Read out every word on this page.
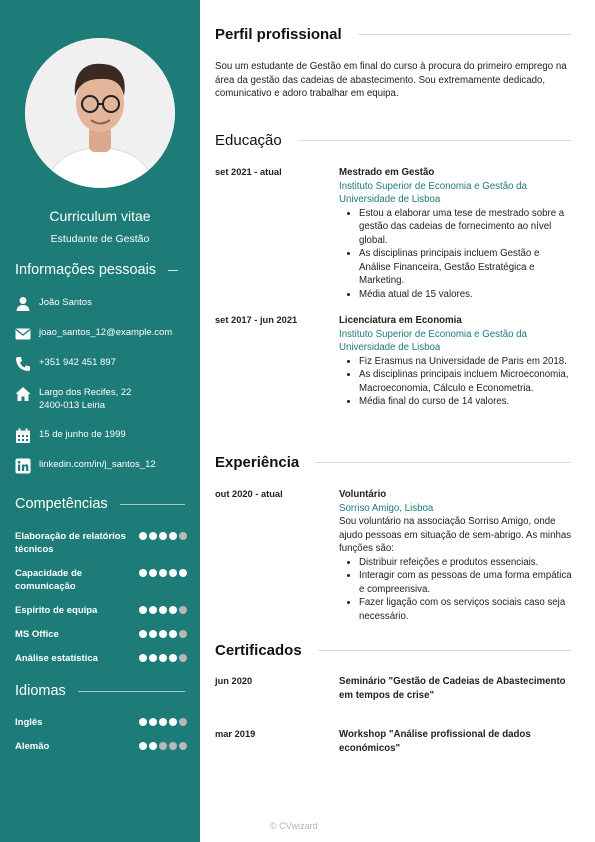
Curriculum vitae
Estudante de Gestão
Informações pessoais
João Santos
joao_santos_12@example.com
+351 942 451 897
Largo dos Recifes, 22
2400-013 Leiria
15 de junho de 1999
linkedin.com/in/j_santos_12
Competências
Elaboração de relatórios técnicos
Capacidade de comunicação
Espírito de equipa
MS Office
Análise estatística
Idiomas
Inglês
Alemão
Perfil profissional
Sou um estudante de Gestão em final do curso à procura do primeiro emprego na área da gestão das cadeias de abastecimento. Sou extremamente dedicado, comunicativo e adoro trabalhar em equipa.
Educação
set 2021 - atual	Mestrado em Gestão
Instituto Superior de Economia e Gestão da Universidade de Lisboa
• Estou a elaborar uma tese de mestrado sobre a gestão das cadeias de fornecimento ao nível global.
• As disciplinas principais incluem Gestão e Análise Financeira, Gestão Estratégica e Marketing.
• Média atual de 15 valores.
set 2017 - jun 2021	Licenciatura em Economia
Instituto Superior de Economia e Gestão da Universidade de Lisboa
• Fiz Erasmus na Universidade de Paris em 2018.
• As disciplinas principais incluem Microeconomia, Macroeconomia, Cálculo e Econometria.
• Média final do curso de 14 valores.
Experiência
out 2020 - atual	Voluntário
Sorriso Amigo, Lisboa
Sou voluntário na associação Sorriso Amigo, onde ajudo pessoas em situação de sem-abrigo. As minhas funções são:
• Distribuir refeições e produtos essenciais.
• Interagir com as pessoas de uma forma empática e compreensiva.
• Fazer ligação com os serviços sociais caso seja necessário.
Certificados
jun 2020	Seminário "Gestão de Cadeias de Abastecimento em tempos de crise"
mar 2019	Workshop "Análise profissional de dados económicos"
© CVwizard
